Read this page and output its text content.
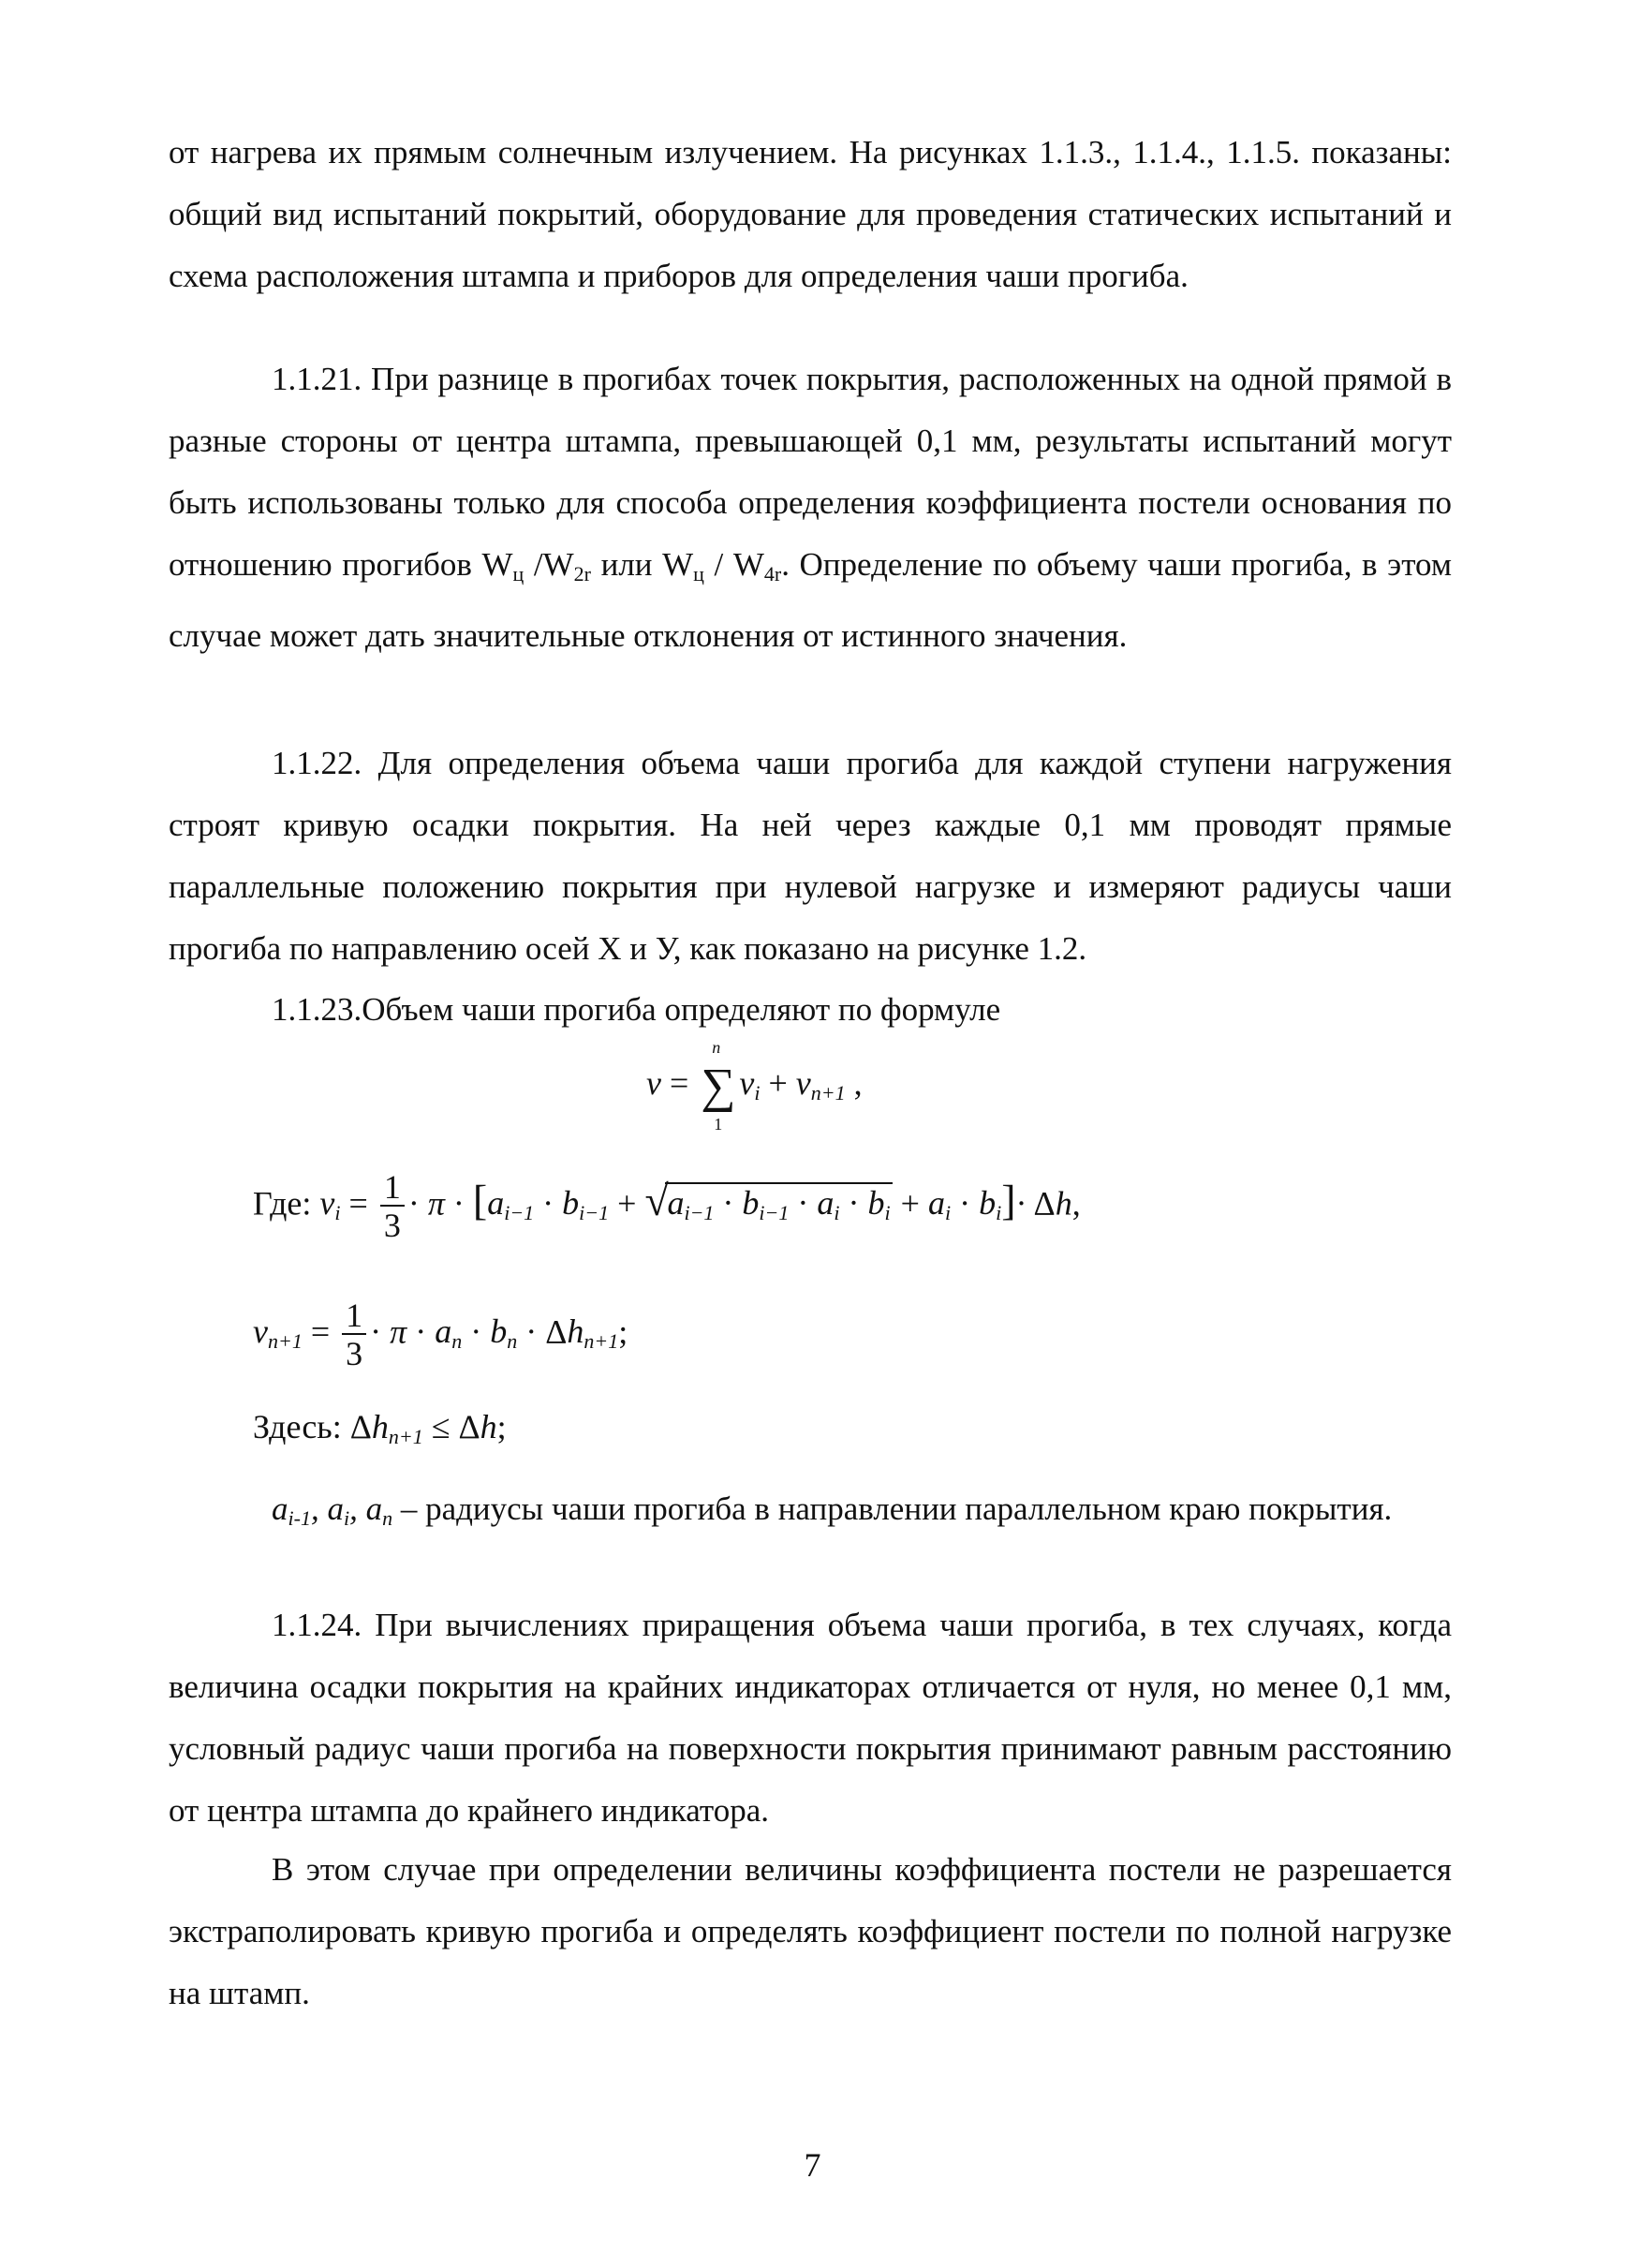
от нагрева их прямым солнечным излучением. На рисунках 1.1.3., 1.1.4., 1.1.5. показаны: общий вид испытаний покрытий, оборудование для проведения статических испытаний и схема расположения штампа и приборов для определения чаши прогиба.

1.1.21. При разнице в прогибах точек покрытия, расположенных на одной прямой в разные стороны от центра штампа, превышающей 0,1 мм, результаты испытаний могут быть использованы только для способа определения коэффициента постели основания по отношению прогибов $W_ц$ $/W_{2r}$ или $W_ц / W_{4r}$. Определение по объему чаши прогиба, в этом случае может дать значительные отклонения от истинного значения.

1.1.22. Для определения объема чаши прогиба для каждой ступени нагружения строят кривую осадки покрытия. На ней через каждые 0,1 мм проводят прямые параллельные положению покрытия при нулевой нагрузке и измеряют радиусы чаши прогиба по направлению осей X и У, как показано на рисунке 1.2.

1.1.23.Объем чаши прогиба определяют по формуле

v = ∑
n
1
$v_i + v_{n+1}$ ,
Где: $v_i = \frac{1}{3} \cdot \pi \cdot [a_{i-1} \cdot b_{i-1}$ + √
$a_{i-1} \cdot b_{i-1} \cdot a_i \cdot b_i + a_i \cdot b_i]\cdot \Delta h$,
$v_{n+1} = \frac{1}{3} \cdot \pi \cdot a_n \cdot b_n \cdot \Delta h_{n+1}$;
Здесь: $\Delta h_{n+1} \le \Delta h$;

$a_{i-1}$, $a_i$, $a_n$ – радиусы чаши прогиба в направлении параллельном краю покрытия.

1.1.24. При вычислениях приращения объема чаши прогиба, в тех случаях, когда величина осадки покрытия на крайних индикаторах отличается от нуля, но менее 0,1 мм, условный радиус чаши прогиба на поверхности покрытия принимают равным расстоянию от центра штампа до крайнего индикатора.

В этом случае при определении величины коэффициента постели не разрешается экстраполировать кривую прогиба и определять коэффициент постели по полной нагрузке на штамп.

7
